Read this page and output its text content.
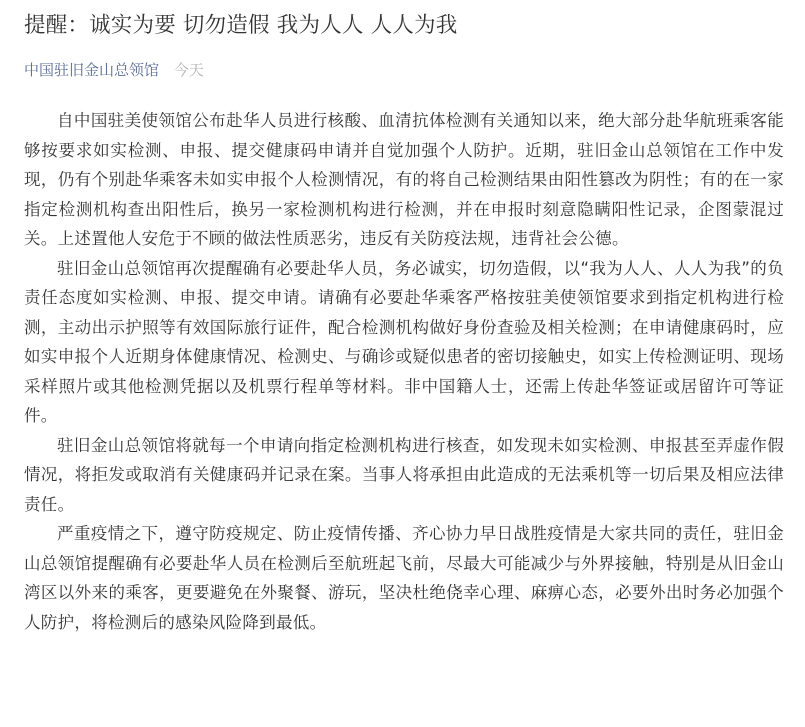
提醒：诚实为要 切勿造假 我为人人 人人为我
中国驻旧金山总领馆 今天

自中国驻美使领馆公布赴华人员进行核酸、血清抗体检测有关通知以来，绝大部分赴华航班乘客能够按要求如实检测、申报、提交健康码申请并自觉加强个人防护。近期，驻旧金山总领馆在工作中发现，仍有个别赴华乘客未如实申报个人检测情况，有的将自己检测结果由阳性篡改为阴性；有的在一家指定检测机构查出阳性后，换另一家检测机构进行检测，并在申报时刻意隐瞒阳性记录，企图蒙混过关。上述置他人安危于不顾的做法性质恶劣，违反有关防疫法规，违背社会公德。

驻旧金山总领馆再次提醒确有必要赴华人员，务必诚实，切勿造假，以“我为人人、人人为我”的负责任态度如实检测、申报、提交申请。请确有必要赴华乘客严格按驻美使领馆要求到指定机构进行检测，主动出示护照等有效国际旅行证件，配合检测机构做好身份查验及相关检测；在申请健康码时，应如实申报个人近期身体健康情况、检测史、与确诊或疑似患者的密切接触史，如实上传检测证明、现场采样照片或其他检测凭据以及机票行程单等材料。非中国籍人士，还需上传赴华签证或居留许可等证件。

驻旧金山总领馆将就每一个申请向指定检测机构进行核查，如发现未如实检测、申报甚至弄虚作假情况，将拒发或取消有关健康码并记录在案。当事人将承担由此造成的无法乘机等一切后果及相应法律责任。

严重疫情之下，遵守防疫规定、防止疫情传播、齐心协力早日战胜疫情是大家共同的责任，驻旧金山总领馆提醒确有必要赴华人员在检测后至航班起飞前，尽最大可能减少与外界接触，特别是从旧金山湾区以外来的乘客，更要避免在外聚餐、游玩，坚决杜绝侥幸心理、麻痹心态，必要外出时务必加强个人防护，将检测后的感染风险降到最低。
